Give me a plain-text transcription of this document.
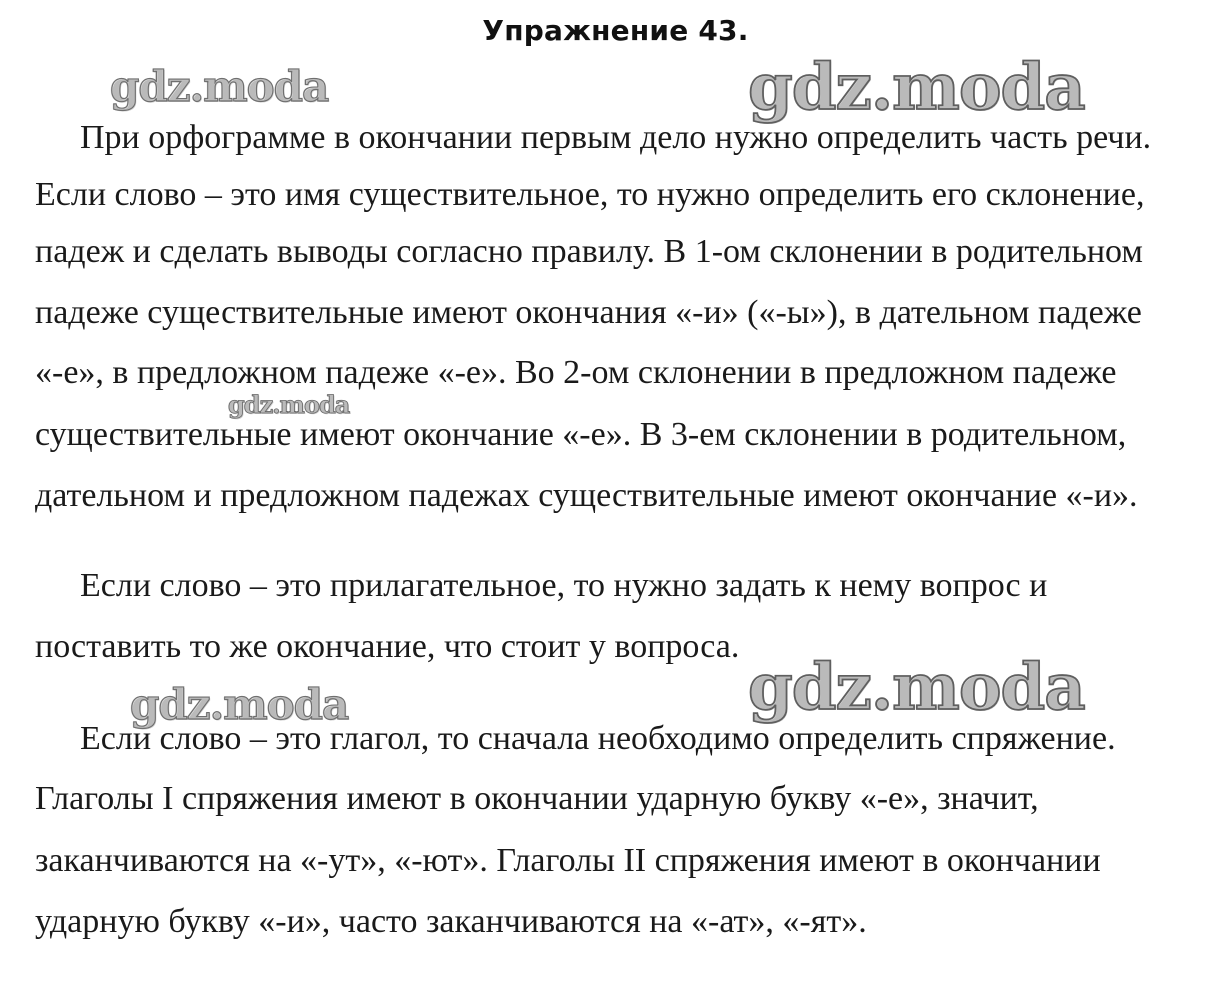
Упражнение 43.
При орфограмме в окончании первым дело нужно определить часть речи.
Если слово – это имя существительное, то нужно определить его склонение,
падеж и сделать выводы согласно правилу. В 1-ом склонении в родительном
падеже существительные имеют окончания «-и» («-ы»), в дательном падеже
«-е», в предложном падеже «-е». Во 2-ом склонении в предложном падеже
существительные имеют окончание «-е». В 3-ем склонении в родительном,
дательном и предложном падежах существительные имеют окончание «-и».
Если слово – это прилагательное, то нужно задать к нему вопрос и
поставить то же окончание, что стоит у вопроса.
Если слово – это глагол, то сначала необходимо определить спряжение.
Глаголы I спряжения имеют в окончании ударную букву «-е», значит,
заканчиваются на «-ут», «-ют». Глаголы II спряжения имеют в окончании
ударную букву «-и», часто заканчиваются на «-ат», «-ят».
gdz.moda	gdz.moda
gdz.moda
gdz.moda	gdz.moda
